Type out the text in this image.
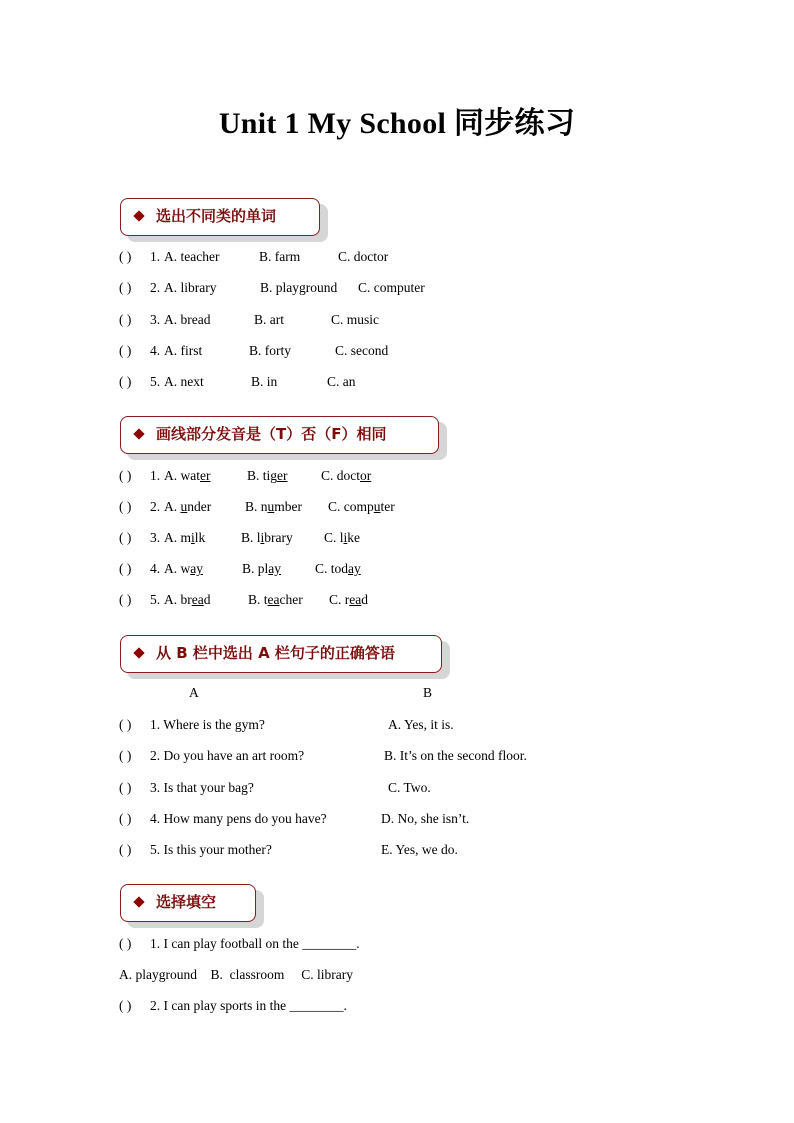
Unit 1 My School 同步练习
选出不同类的单词
( ) 1. A. teacher	B. farm	C. doctor
( ) 2. A. library	B. playground C. computer
( ) 3. A. bread	B. art	C. music
( ) 4. A. first	B. forty	C. second
( ) 5. A. next	B. in	C. an
画线部分发音是（T）否（F）相同
( ) 1. A. water	B. tiger C. doctor
( ) 2. A. under	B. number C. computer
( ) 3. A. milk	B. library C. like
( ) 4. A. way	B. play	C. today
( ) 5. A. bread	B. teacher C. read
从 B 栏中选出 A 栏句子的正确答语
A	B
( ) 1. Where is the gym?	A. Yes, it is.
( ) 2. Do you have an art room?	B. It’s on the second floor.
( ) 3. Is that your bag?	C. Two.
( ) 4. How many pens do you have?	D. No, she isn’t.
( ) 5. Is this your mother?	E. Yes, we do.
选择填空
( ) 1. I can play football on the ________.
A. playground    B.  classroom     C. library
( ) 2. I can play sports in the ________.
